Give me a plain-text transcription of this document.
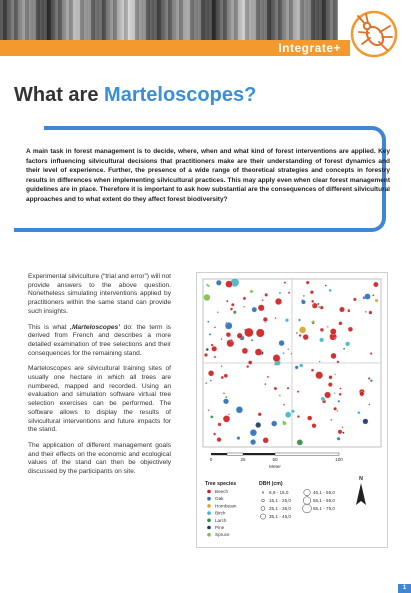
Integrate+
What are Marteloscopes?

A main task in forest management is to decide, where, when and what kind of forest interventions are applied. Key factors influencing silvicultural decisions that practitioners make are their understanding of forest dynamics and their level of experience. Further, the presence of a wide range of theoretical strategies and concepts in forestry results in differences when implementing silvicultural practices. This may apply even when clear forest management guidelines are in place. Therefore it is important to ask how substantial are the consequences of different silvicultural approaches and to what extent do they affect forest biodiversity?

Experimental silviculture (“trial and error”) will not provide answers to the above question. Nonetheless simulating interventions applied by practitioners within the same stand can provide such insights.

This is what ‚Marteloscopes’ do: the term is derived from French and describes a more detailed examination of tree selections and their consequences for the remaining stand.

Marteloscopes are silvicultural training sites of usually one hectare in which all trees are numbered, mapped and recorded. Using an evaluation and simulation software virtual tree selection exercises can be performed. The software allows to display the results of silvicultural interventions and future impacts for the stand.

The application of different management goals and their effects on the economic and ecological values of the stand can then be objectively discussed by the participants on site.

0	25	50	100
Meter
Tree species
Beech
Oak
Hornbeam
Birch
Larch
Pine
Spruce
DBH (cm)
6,9 - 15,0
15,1 - 25,0
25,1 - 35,0
35,1 - 45,0
45,1 - 55,0
55,1 - 65,0
65,1 - 75,0
N
1
